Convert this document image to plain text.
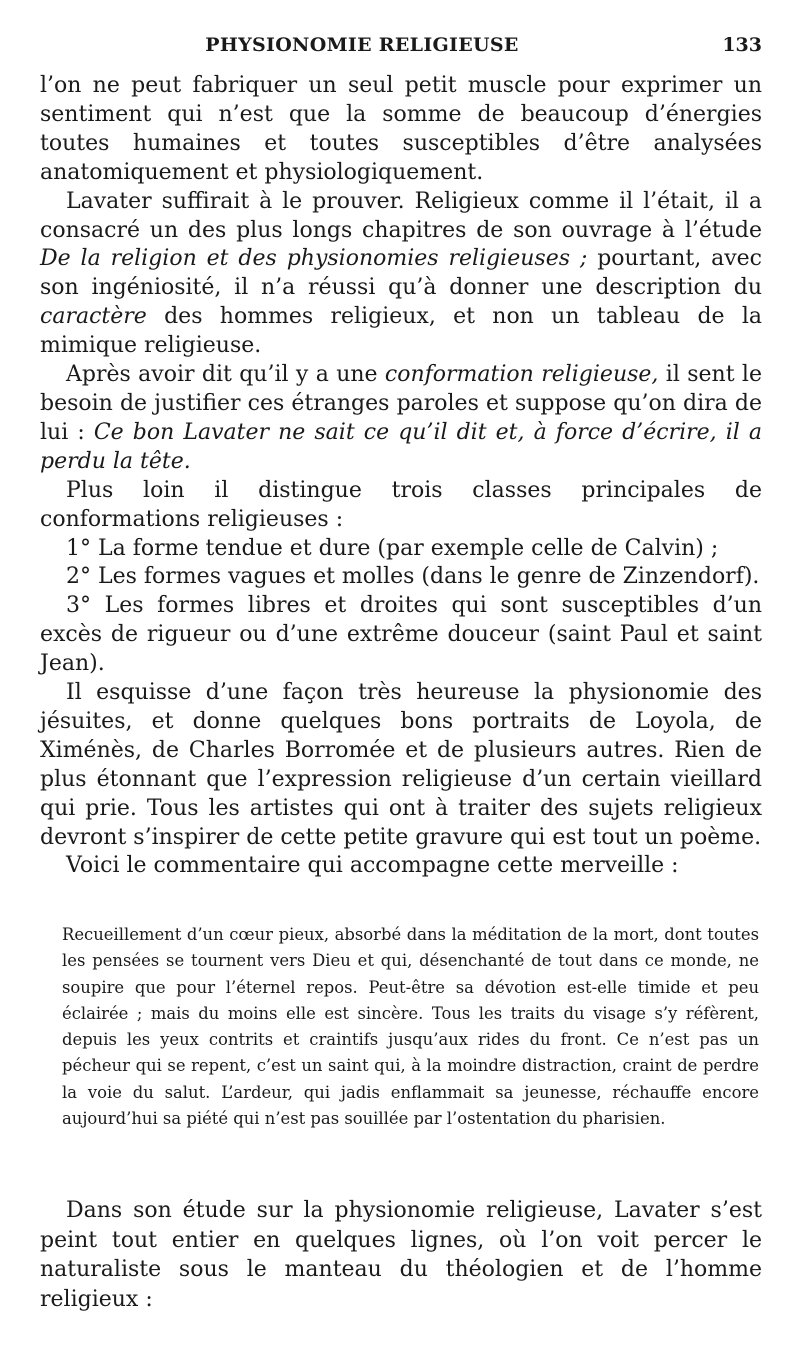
PHYSIONOMIE RELIGIEUSE	133

l’on ne peut fabriquer un seul petit muscle pour exprimer un sentiment qui n’est que la somme de beaucoup d’énergies toutes humaines et toutes susceptibles d’être analysées anatomiquement et physiologiquement.

Lavater suffirait à le prouver. Religieux comme il l’était, il a consacré un des plus longs chapitres de son ouvrage à l’étude De la religion et des physionomies religieuses ; pourtant, avec son ingéniosité, il n’a réussi qu’à donner une description du caractère des hommes religieux, et non un tableau de la mimique religieuse.

Après avoir dit qu’il y a une conformation religieuse, il sent le besoin de justifier ces étranges paroles et suppose qu’on dira de lui : Ce bon Lavater ne sait ce qu’il dit et, à force d’écrire, il a perdu la tête.

Plus loin il distingue trois classes principales de conformations religieuses :

1° La forme tendue et dure (par exemple celle de Calvin) ;

2° Les formes vagues et molles (dans le genre de Zinzendorf).

3° Les formes libres et droites qui sont susceptibles d’un excès de rigueur ou d’une extrême douceur (saint Paul et saint Jean).

Il esquisse d’une façon très heureuse la physionomie des jésuites, et donne quelques bons portraits de Loyola, de Ximénès, de Charles Borromée et de plusieurs autres. Rien de plus étonnant que l’expression religieuse d’un certain vieillard qui prie. Tous les artistes qui ont à traiter des sujets religieux devront s’inspirer de cette petite gravure qui est tout un poème.

Voici le commentaire qui accompagne cette merveille :

Recueillement d’un cœur pieux, absorbé dans la méditation de la mort, dont toutes les pensées se tournent vers Dieu et qui, désenchanté de tout dans ce monde, ne soupire que pour l’éternel repos. Peut-être sa dévotion est-elle timide et peu éclairée ; mais du moins elle est sincère. Tous les traits du visage s’y réfèrent, depuis les yeux contrits et craintifs jusqu’aux rides du front. Ce n’est pas un pécheur qui se repent, c’est un saint qui, à la moindre distraction, craint de perdre la voie du salut. L’ardeur, qui jadis enflammait sa jeunesse, réchauffe encore aujourd’hui sa piété qui n’est pas souillée par l’ostentation du pharisien.

Dans son étude sur la physionomie religieuse, Lavater s’est peint tout entier en quelques lignes, où l’on voit percer le naturaliste sous le manteau du théologien et de l’homme religieux :
